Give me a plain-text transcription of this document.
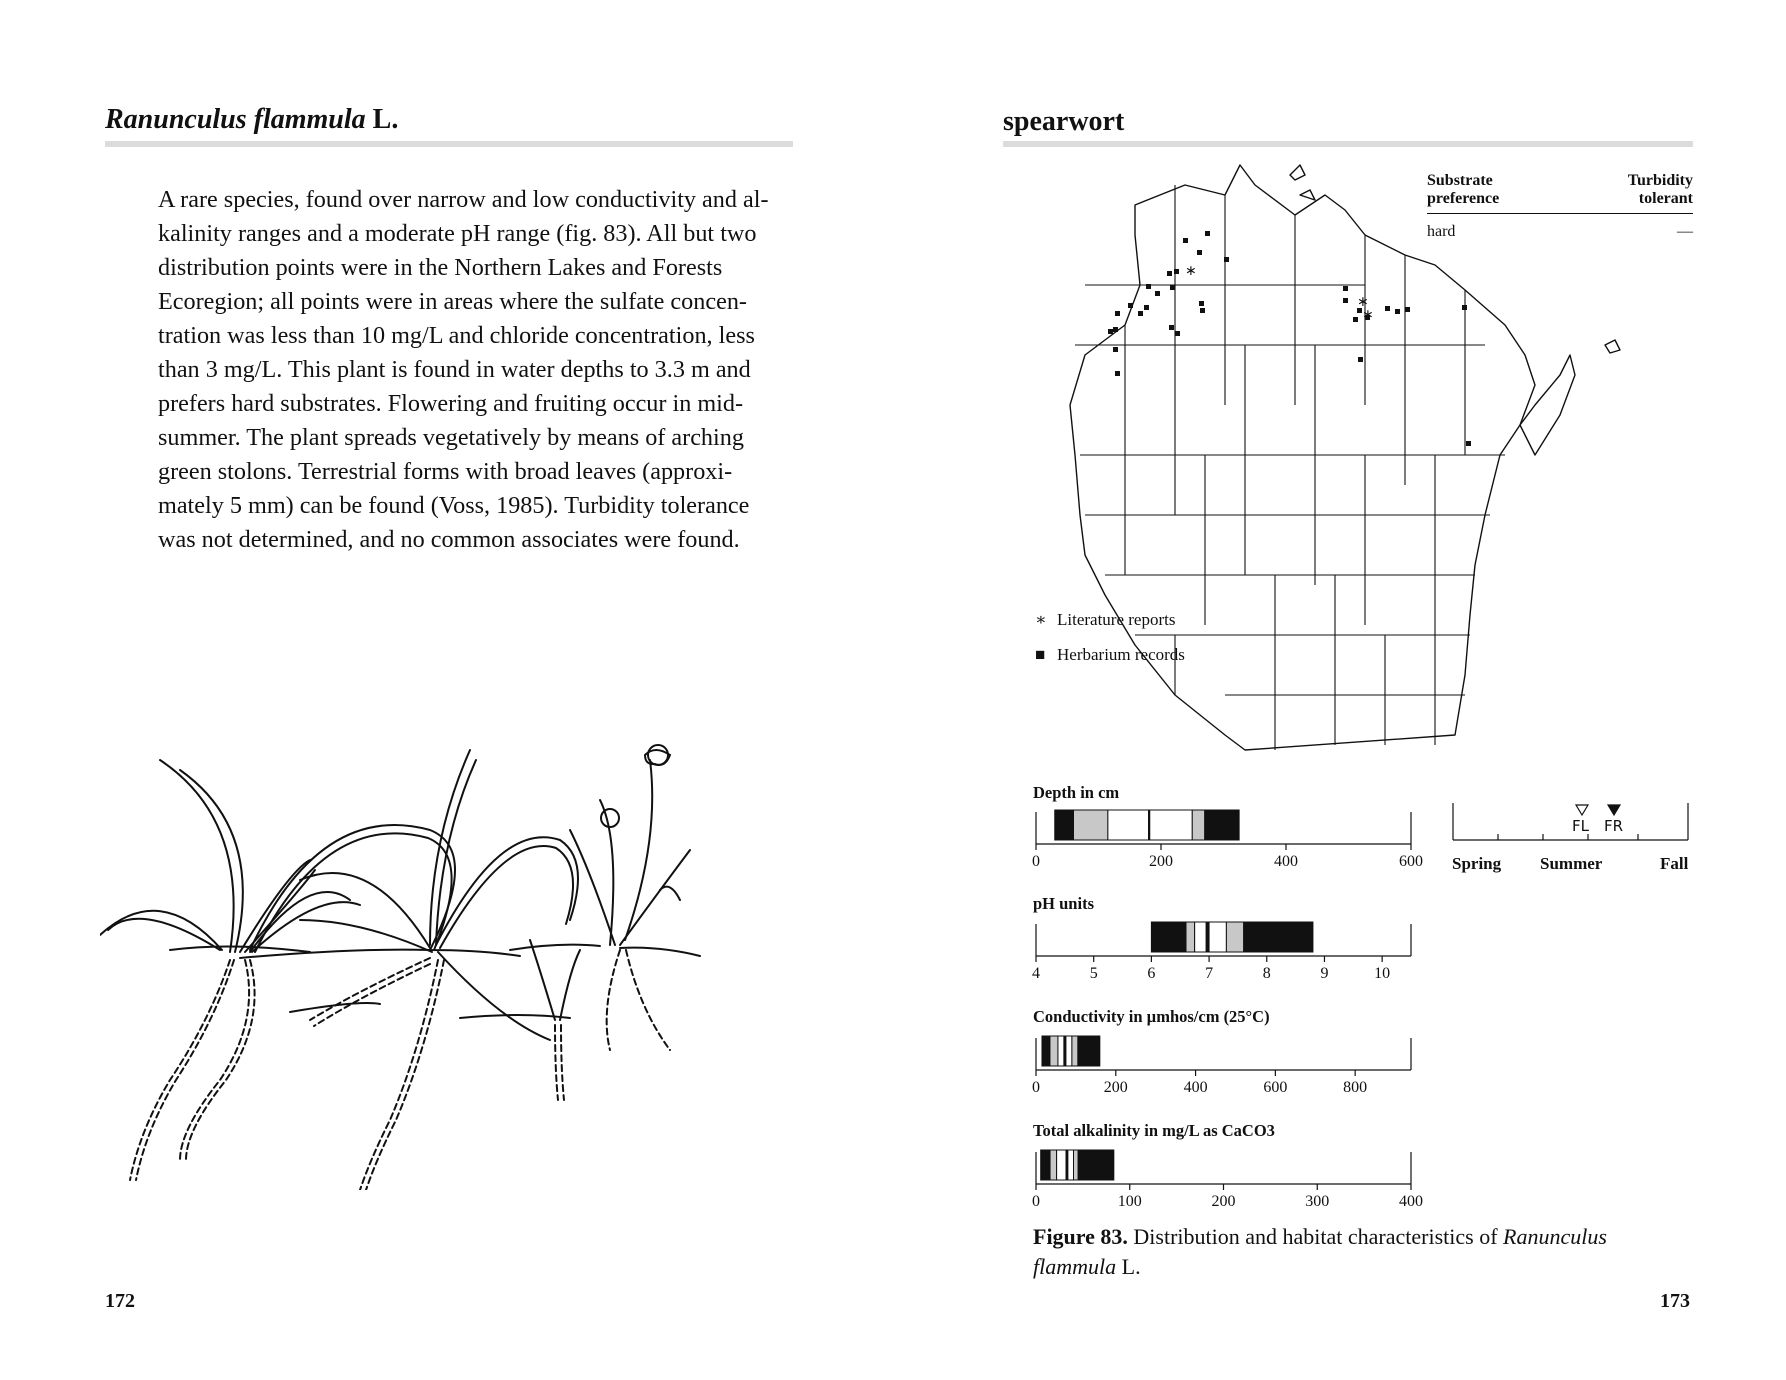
Ranunculus flammula L.

A rare species, found over narrow and low conductivity and al-

kalinity ranges and a moderate pH range (fig. 83). All but two

distribution points were in the Northern Lakes and Forests

Ecoregion; all points were in areas where the sulfate concen-

tration was less than 10 mg/L and chloride concentration, less

than 3 mg/L. This plant is found in water depths to 3.3 m and

prefers hard substrates. Flowering and fruiting occur in mid-

summer. The plant spreads vegetatively by means of arching

green stolons. Terrestrial forms with broad leaves (approxi-

mately 5 mm) can be found (Voss, 1985). Turbidity tolerance

was not determined, and no common associates were found.

172
spearwort
∗
∗
∗
Substrate
preference
Turbidity
tolerant
hard	—
∗ Literature reports
■ Herbarium records
Depth in cm
0	200	400	600
pH units
4	5	6	7	8	9	10
Conductivity in µmhos/cm (25°C)
0	200	400	600	800
Total alkalinity in mg/L as CaCO3
0	100	200	300	400
FL FR
Spring Summer	Fall
Figure 83. Distribution and habitat characteristics of Ranunculus flammula L.
173
